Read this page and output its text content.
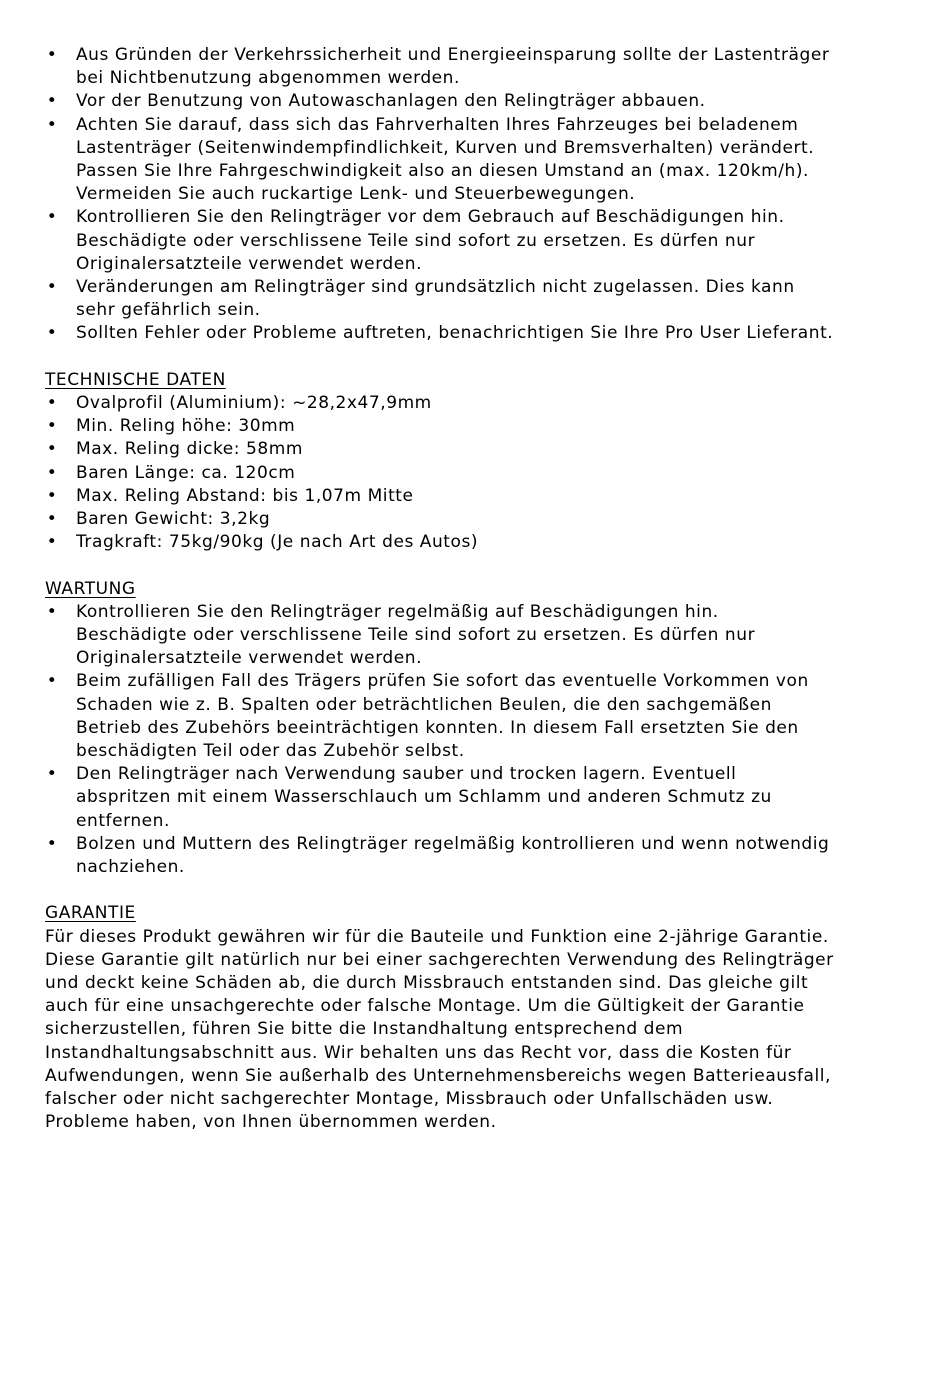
• Aus Gründen der Verkehrssicherheit und Energieeinsparung sollte der Lastenträger bei Nichtbenutzung abgenommen werden.
• Vor der Benutzung von Autowaschanlagen den Relingträger abbauen.
• Achten Sie darauf, dass sich das Fahrverhalten Ihres Fahrzeuges bei beladenem Lastenträger (Seitenwindempfindlichkeit, Kurven und Bremsverhalten) verändert. Passen Sie Ihre Fahrgeschwindigkeit also an diesen Umstand an (max. 120km/h). Vermeiden Sie auch ruckartige Lenk- und Steuerbewegungen.
• Kontrollieren Sie den Relingträger vor dem Gebrauch auf Beschädigungen hin. Beschädigte oder verschlissene Teile sind sofort zu ersetzen. Es dürfen nur Originalersatzteile verwendet werden.
• Veränderungen am Relingträger sind grundsätzlich nicht zugelassen. Dies kann sehr gefährlich sein.
• Sollten Fehler oder Probleme auftreten, benachrichtigen Sie Ihre Pro User Lieferant.
TECHNISCHE DATEN
• Ovalprofil (Aluminium): ~28,2x47,9mm
• Min. Reling höhe: 30mm
• Max. Reling dicke: 58mm
• Baren Länge: ca. 120cm
• Max. Reling Abstand: bis 1,07m Mitte
• Baren Gewicht: 3,2kg
• Tragkraft: 75kg/90kg (Je nach Art des Autos)
WARTUNG
• Kontrollieren Sie den Relingträger regelmäßig auf Beschädigungen hin. Beschädigte oder verschlissene Teile sind sofort zu ersetzen. Es dürfen nur Originalersatzteile verwendet werden.
• Beim zufälligen Fall des Trägers prüfen Sie sofort das eventuelle Vorkommen von Schaden wie z. B. Spalten oder beträchtlichen Beulen, die den sachgemäßen Betrieb des Zubehörs beeinträchtigen konnten. In diesem Fall ersetzten Sie den beschädigten Teil oder das Zubehör selbst.
• Den Relingträger nach Verwendung sauber und trocken lagern. Eventuell abspritzen mit einem Wasserschlauch um Schlamm und anderen Schmutz zu entfernen.
• Bolzen und Muttern des Relingträger regelmäßig kontrollieren und wenn notwendig nachziehen.
GARANTIE

Für dieses Produkt gewähren wir für die Bauteile und Funktion eine 2-jährige Garantie. Diese Garantie gilt natürlich nur bei einer sachgerechten Verwendung des Relingträger und deckt keine Schäden ab, die durch Missbrauch entstanden sind. Das gleiche gilt auch für eine unsachgerechte oder falsche Montage. Um die Gültigkeit der Garantie sicherzustellen, führen Sie bitte die Instandhaltung entsprechend dem Instandhaltungsabschnitt aus. Wir behalten uns das Recht vor, dass die Kosten für Aufwendungen, wenn Sie außerhalb des Unternehmensbereichs wegen Batterieausfall, falscher oder nicht sachgerechter Montage, Missbrauch oder Unfallschäden usw. Probleme haben, von Ihnen übernommen werden.
